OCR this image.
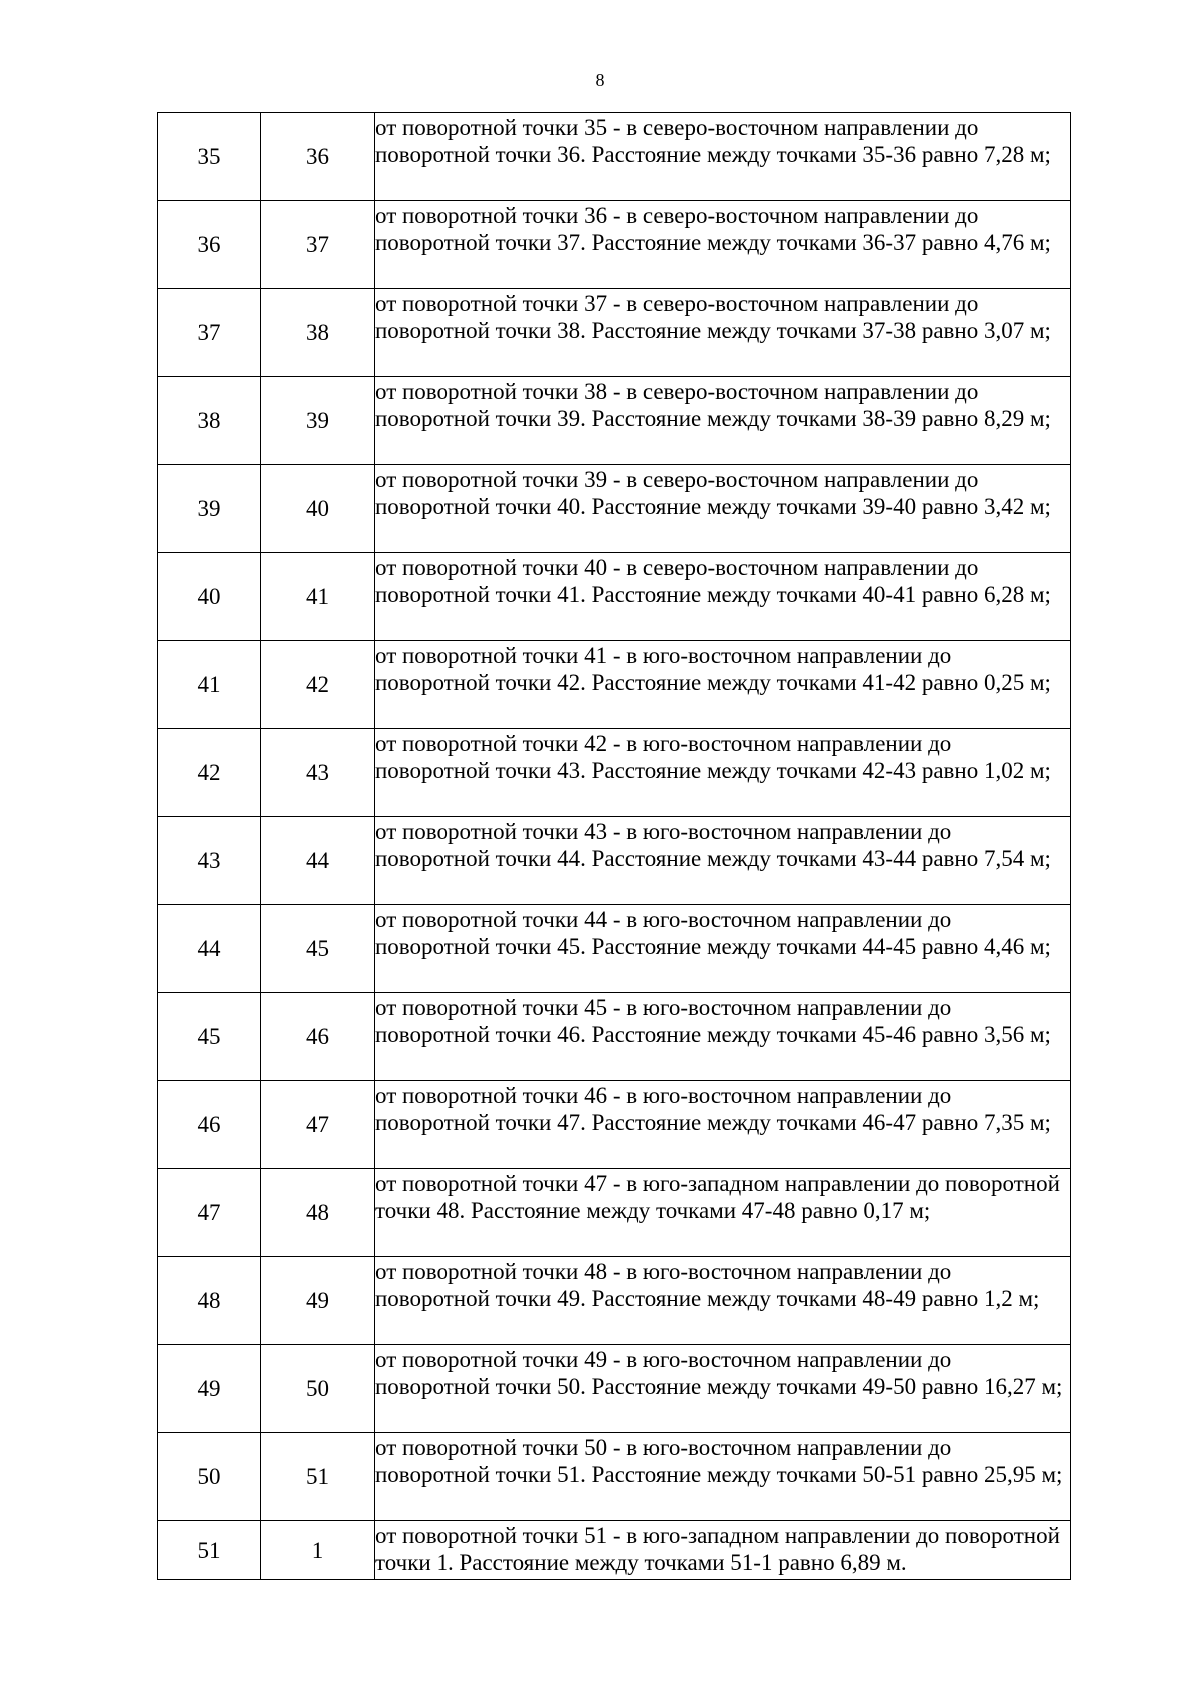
8
35	36	от поворотной точки 35 - в северо-восточном направлении до поворотной точки 36. Расстояние между точками 35-36 равно 7,28 м;

36	37	от поворотной точки 36 - в северо-восточном направлении до поворотной точки 37. Расстояние между точками 36-37 равно 4,76 м;

37	38	от поворотной точки 37 - в северо-восточном направлении до поворотной точки 38. Расстояние между точками 37-38 равно 3,07 м;

38	39	от поворотной точки 38 - в северо-восточном направлении до поворотной точки 39. Расстояние между точками 38-39 равно 8,29 м;

39	40	от поворотной точки 39 - в северо-восточном направлении до поворотной точки 40. Расстояние между точками 39-40 равно 3,42 м;

40	41	от поворотной точки 40 - в северо-восточном направлении до поворотной точки 41. Расстояние между точками 40-41 равно 6,28 м;

41	42	от поворотной точки 41 - в юго-восточном направлении до поворотной точки 42. Расстояние между точками 41-42 равно 0,25 м;

42	43	от поворотной точки 42 - в юго-восточном направлении до поворотной точки 43. Расстояние между точками 42-43 равно 1,02 м;

43	44	от поворотной точки 43 - в юго-восточном направлении до поворотной точки 44. Расстояние между точками 43-44 равно 7,54 м;

44	45	от поворотной точки 44 - в юго-восточном направлении до поворотной точки 45. Расстояние между точками 44-45 равно 4,46 м;

45	46	от поворотной точки 45 - в юго-восточном направлении до поворотной точки 46. Расстояние между точками 45-46 равно 3,56 м;

46	47	от поворотной точки 46 - в юго-восточном направлении до поворотной точки 47. Расстояние между точками 46-47 равно 7,35 м;

47	48	от поворотной точки 47 - в юго-западном направлении до поворотной точки 48. Расстояние между точками 47-48 равно 0,17 м;

48	49	от поворотной точки 48 - в юго-восточном направлении до поворотной точки 49. Расстояние между точками 48-49 равно 1,2 м;

49	50	от поворотной точки 49 - в юго-восточном направлении до поворотной точки 50. Расстояние между точками 49-50 равно 16,27 м;

50	51	от поворотной точки 50 - в юго-восточном направлении до поворотной точки 51. Расстояние между точками 50-51 равно 25,95 м;

51	1	от поворотной точки 51 - в юго-западном направлении до поворотной точки 1. Расстояние между точками 51-1 равно 6,89 м.
